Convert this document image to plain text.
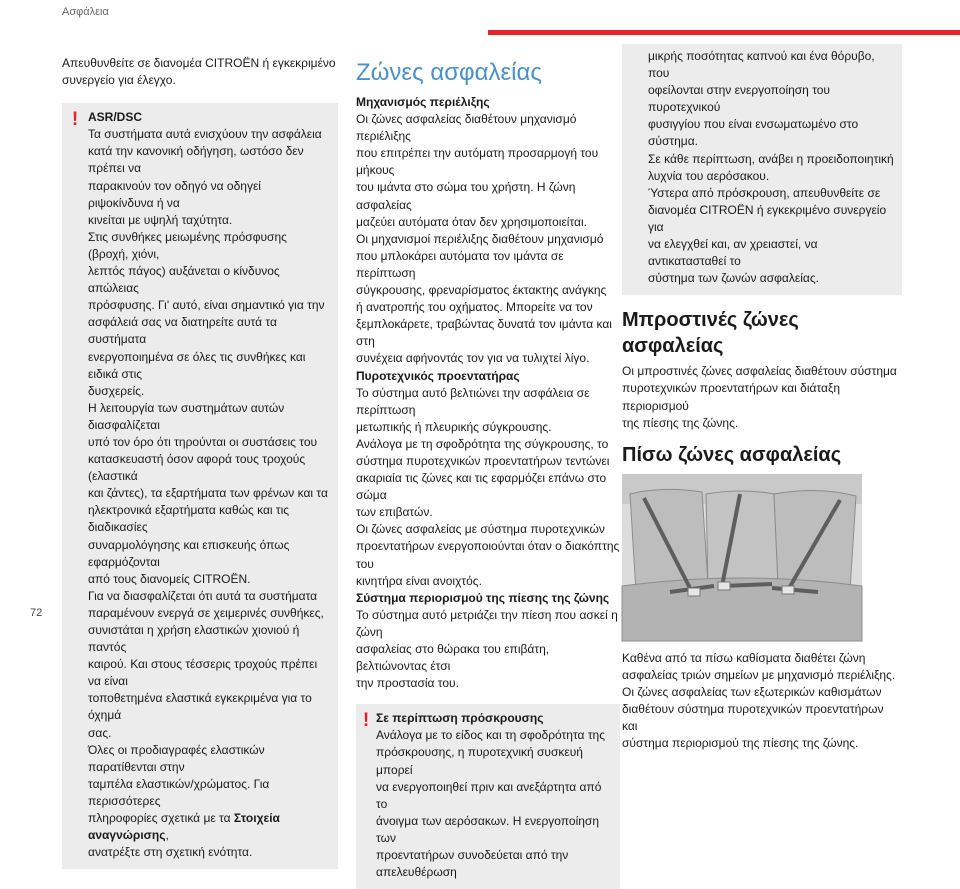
Ασφάλεια

Απευθυνθείτε σε διανομέα CITROËN ή εγκεκριμένο

συνεργείο για έλεγχο.

! ASR/DSC

Τα συστήματα αυτά ενισχύουν την ασφάλεια

κατά την κανονική οδήγηση, ωστόσο δεν πρέπει να

παρακινούν τον οδηγό να οδηγεί ριψοκίνδυνα ή να

κινείται με υψηλή ταχύτητα.

Στις συνθήκες μειωμένης πρόσφυσης (βροχή, χιόνι,

λεπτός πάγος) αυξάνεται ο κίνδυνος απώλειας

πρόσφυσης. Γι' αυτό, είναι σημαντικό για την

ασφάλειά σας να διατηρείτε αυτά τα συστήματα

ενεργοποιημένα σε όλες τις συνθήκες και ειδικά στις

δυσχερείς.

Η λειτουργία των συστημάτων αυτών διασφαλίζεται

υπό τον όρο ότι τηρούνται οι συστάσεις του

κατασκευαστή όσον αφορά τους τροχούς (ελαστικά

και ζάντες), τα εξαρτήματα των φρένων και τα

ηλεκτρονικά εξαρτήματα καθώς και τις διαδικασίες

συναρμολόγησης και επισκευής όπως εφαρμόζονται

από τους διανομείς CITROËN.

Για να διασφαλίζεται ότι αυτά τα συστήματα

παραμένουν ενεργά σε χειμερινές συνθήκες,

συνιστάται η χρήση ελαστικών χιονιού ή παντός

καιρού. Και στους τέσσερις τροχούς πρέπει να είναι

τοποθετημένα ελαστικά εγκεκριμένα για το όχημά

σας.

Όλες οι προδιαγραφές ελαστικών παρατίθενται στην

ταμπέλα ελαστικών/χρώματος. Για περισσότερες

πληροφορίες σχετικά με τα Στοιχεία αναγνώρισης,

ανατρέξτε στη σχετική ενότητα.

Ζώνες ασφαλείας

Μηχανισμός περιέλιξης

Οι ζώνες ασφαλείας διαθέτουν μηχανισμό περιέλιξης

που επιτρέπει την αυτόματη προσαρμογή του μήκους

του ιμάντα στο σώμα του χρήστη. Η ζώνη ασφαλείας

μαζεύει αυτόματα όταν δεν χρησιμοποιείται.

Οι μηχανισμοί περιέλιξης διαθέτουν μηχανισμό

που μπλοκάρει αυτόματα τον ιμάντα σε περίπτωση

σύγκρουσης, φρεναρίσματος έκτακτης ανάγκης

ή ανατροπής του οχήματος. Μπορείτε να τον

ξεμπλοκάρετε, τραβώντας δυνατά τον ιμάντα και στη

συνέχεια αφήνοντάς τον για να τυλιχτεί λίγο.

Πυροτεχνικός προεντατήρας

Το σύστημα αυτό βελτιώνει την ασφάλεια σε περίπτωση

μετωπικής ή πλευρικής σύγκρουσης.

Ανάλογα με τη σφοδρότητα της σύγκρουσης, το

σύστημα πυροτεχνικών προεντατήρων τεντώνει

ακαριαία τις ζώνες και τις εφαρμόζει επάνω στο σώμα

των επιβατών.

Οι ζώνες ασφαλείας με σύστημα πυροτεχνικών

προεντατήρων ενεργοποιούνται όταν ο διακόπτης του

κινητήρα είναι ανοιχτός.

Σύστημα περιορισμού της πίεσης της ζώνης

Το σύστημα αυτό μετριάζει την πίεση που ασκεί η ζώνη

ασφαλείας στο θώρακα του επιβάτη, βελτιώνοντας έτσι

την προστασία του.

! Σε περίπτωση πρόσκρουσης

Ανάλογα με το είδος και τη σφοδρότητα της

πρόσκρουσης, η πυροτεχνική συσκευή μπορεί

να ενεργοποιηθεί πριν και ανεξάρτητα από το

άνοιγμα των αερόσακων. Η ενεργοποίηση των

προεντατήρων συνοδεύεται από την απελευθέρωση

μικρής ποσότητας καπνού και ένα θόρυβο, που

οφείλονται στην ενεργοποίηση του πυροτεχνικού

φυσιγγίου που είναι ενσωματωμένο στο σύστημα.

Σε κάθε περίπτωση, ανάβει η προειδοποιητική

λυχνία του αερόσακου.

Ύστερα από πρόσκρουση, απευθυνθείτε σε

διανομέα CITROËN ή εγκεκριμένο συνεργείο για

να ελεγχθεί και, αν χρειαστεί, να αντικατασταθεί το

σύστημα των ζωνών ασφαλείας.

Μπροστινές ζώνες ασφαλείας

Οι μπροστινές ζώνες ασφαλείας διαθέτουν σύστημα

πυροτεχνικών προεντατήρων και διάταξη περιορισμού

της πίεσης της ζώνης.

Πίσω ζώνες ασφαλείας

Καθένα από τα πίσω καθίσματα διαθέτει ζώνη

ασφαλείας τριών σημείων με μηχανισμό περιέλιξης.

Οι ζώνες ασφαλείας των εξωτερικών καθισμάτων

διαθέτουν σύστημα πυροτεχνικών προεντατήρων και

σύστημα περιορισμού της πίεσης της ζώνης.

72
